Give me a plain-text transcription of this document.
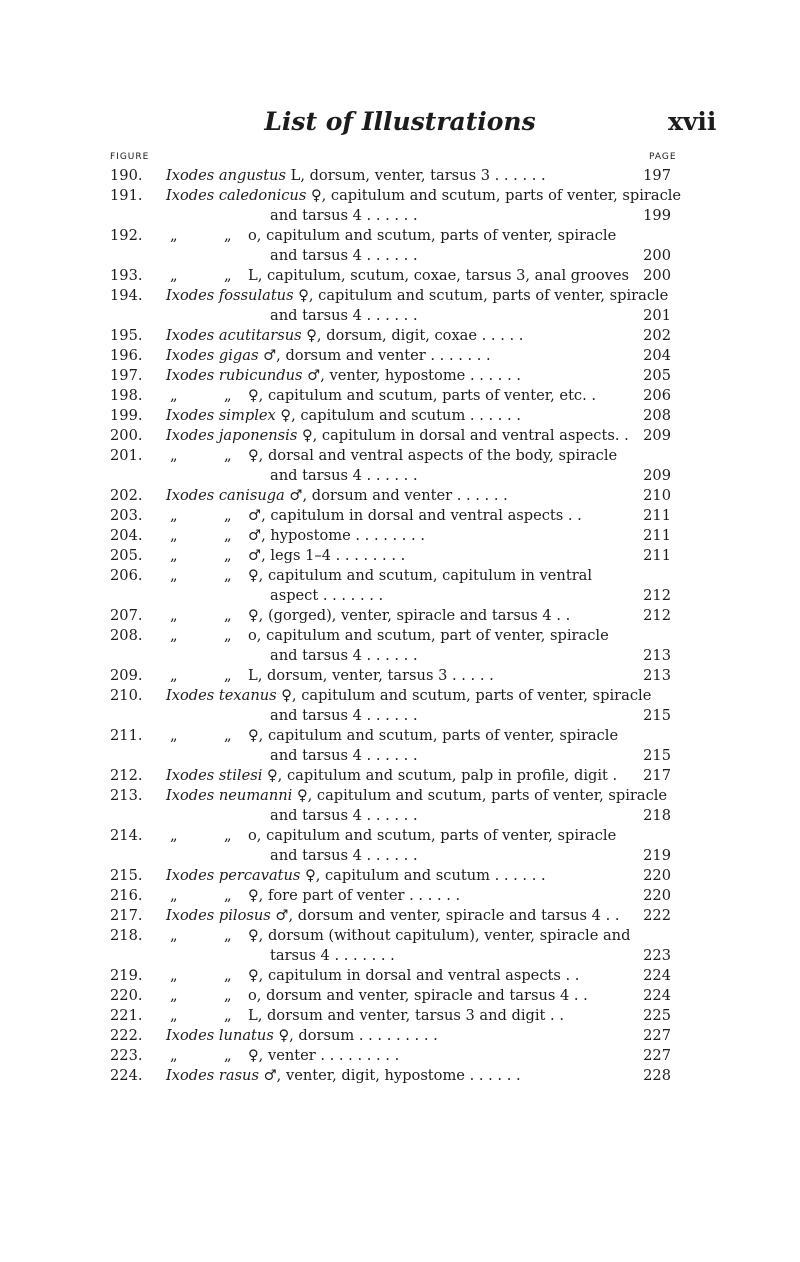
List of Illustrations	xvii
FIGURE	PAGE
190. Ixodes angustus L, dorsum, venter, tarsus 3 . . . . . .	197
191. Ixodes caledonicus ♀, capitulum and scutum, parts of venter, spiracle
and tarsus 4 . . . . . .	199
192. „	„ o, capitulum and scutum, parts of venter, spiracle
and tarsus 4 . . . . . .	200
193. „	„ L, capitulum, scutum, coxae, tarsus 3, anal grooves 200
194. Ixodes fossulatus ♀, capitulum and scutum, parts of venter, spiracle
and tarsus 4 . . . . . .	201
195. Ixodes acutitarsus ♀, dorsum, digit, coxae . . . . .	202
196. Ixodes gigas ♂, dorsum and venter . . . . . . .	204
197. Ixodes rubicundus ♂, venter, hypostome . . . . . .	205
198. „	„ ♀, capitulum and scutum, parts of venter, etc. .	206
199. Ixodes simplex ♀, capitulum and scutum . . . . . .	208
200. Ixodes japonensis ♀, capitulum in dorsal and ventral aspects. . 209
201. „	„ ♀, dorsal and ventral aspects of the body, spiracle
and tarsus 4 . . . . . .	209
202. Ixodes canisuga ♂, dorsum and venter . . . . . .	210
203. „	„ ♂, capitulum in dorsal and ventral aspects . .	211
204. „	„ ♂, hypostome . . . . . . . .	211
205. „	„ ♂, legs 1–4 . . . . . . . .	211
206. „	„ ♀, capitulum and scutum, capitulum in ventral
aspect . . . . . . .	212
207. „	„ ♀, (gorged), venter, spiracle and tarsus 4 . .	212
208. „	„ o, capitulum and scutum, part of venter, spiracle
and tarsus 4 . . . . . .	213
209. „	„ L, dorsum, venter, tarsus 3 . . . . .	213
210. Ixodes texanus ♀, capitulum and scutum, parts of venter, spiracle
and tarsus 4 . . . . . .	215
211. „	„ ♀, capitulum and scutum, parts of venter, spiracle
and tarsus 4 . . . . . .	215
212. Ixodes stilesi ♀, capitulum and scutum, palp in profile, digit .	217
213. Ixodes neumanni ♀, capitulum and scutum, parts of venter, spiracle
and tarsus 4 . . . . . .	218
214. „	„ o, capitulum and scutum, parts of venter, spiracle
and tarsus 4 . . . . . .	219
215. Ixodes percavatus ♀, capitulum and scutum . . . . . .	220
216. „	„ ♀, fore part of venter . . . . . .	220
217. Ixodes pilosus ♂, dorsum and venter, spiracle and tarsus 4 . .	222
218. „	„ ♀, dorsum (without capitulum), venter, spiracle and
tarsus 4 . . . . . . .	223
219. „	„ ♀, capitulum in dorsal and ventral aspects . .	224
220. „	„ o, dorsum and venter, spiracle and tarsus 4 . .	224
221. „	„ L, dorsum and venter, tarsus 3 and digit . .	225
222. Ixodes lunatus ♀, dorsum . . . . . . . . .	227
223. „	„ ♀, venter . . . . . . . . .	227
224. Ixodes rasus ♂, venter, digit, hypostome . . . . . .	228
